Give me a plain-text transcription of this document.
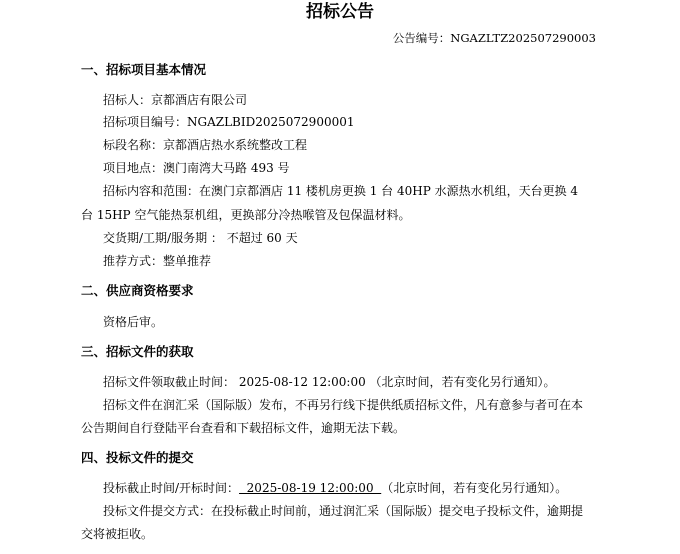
招标公告
公告编号：NGAZLTZ202507290003
一、招标项目基本情况
招标人：京都酒店有限公司
招标项目编号：NGAZLBID2025072900001
标段名称：京都酒店热水系统整改工程
项目地点：澳门南湾大马路 493 号
招标内容和范围：在澳门京都酒店 11 楼机房更换 1 台 40HP 水源热水机组，天台更换 4
台 15HP 空气能热泵机组，更换部分冷热喉管及包保温材料。
交货期/工期/服务期 ： 不超过 60 天
推荐方式：整单推荐
二、供应商资格要求
资格后审。
三、招标文件的获取
招标文件领取截止时间： 2025-08-12 12:00:00 （北京时间，若有变化另行通知）。
招标文件在润汇采（国际版）发布，不再另行线下提供纸质招标文件，凡有意参与者可在本
公告期间自行登陆平台查看和下载招标文件，逾期无法下载。
四、投标文件的提交
投标截止时间/开标时间：  2025-08-19 12:00:00  （北京时间，若有变化另行通知）。
投标文件提交方式：在投标截止时间前，通过润汇采（国际版）提交电子投标文件，逾期提
交将被拒收。
